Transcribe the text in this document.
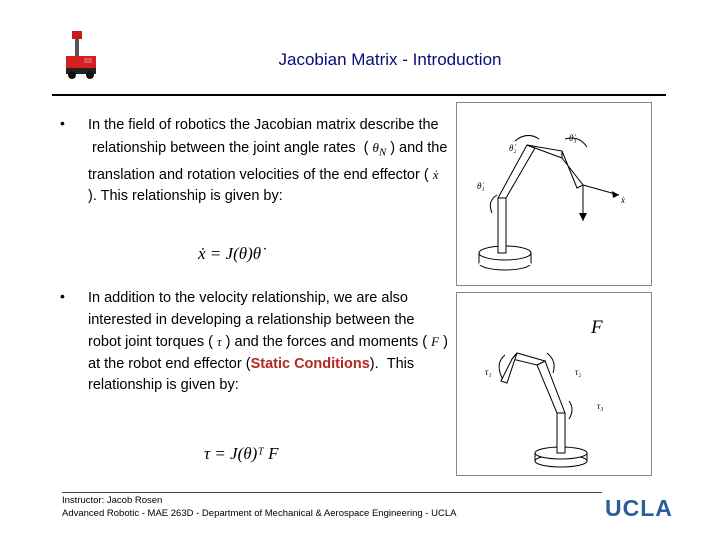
Jacobian Matrix - Introduction
• In the field of robotics the Jacobian matrix describe the  relationship between the joint angle rates  ( $\theta_N$ ) and the translation and rotation velocities of the end effector ( ẋ ). This relationship is given by:
ẋ = J(θ)θ̇
• In addition to the velocity relationship, we are also interested in developing a relationship between the robot joint torques ( τ ) and the forces and moments ( F ) at the robot end effector (Static Conditions).  This relationship is given by:
τ = J(θ)ᵀ F
θ̇₁
θ̇₂
θ̇₃
ẋ
F
τ₃
τ₂
τ₁
Instructor: Jacob Rosen
Advanced Robotic - MAE 263D - Department of Mechanical & Aerospace Engineering - UCLA	UCLA
